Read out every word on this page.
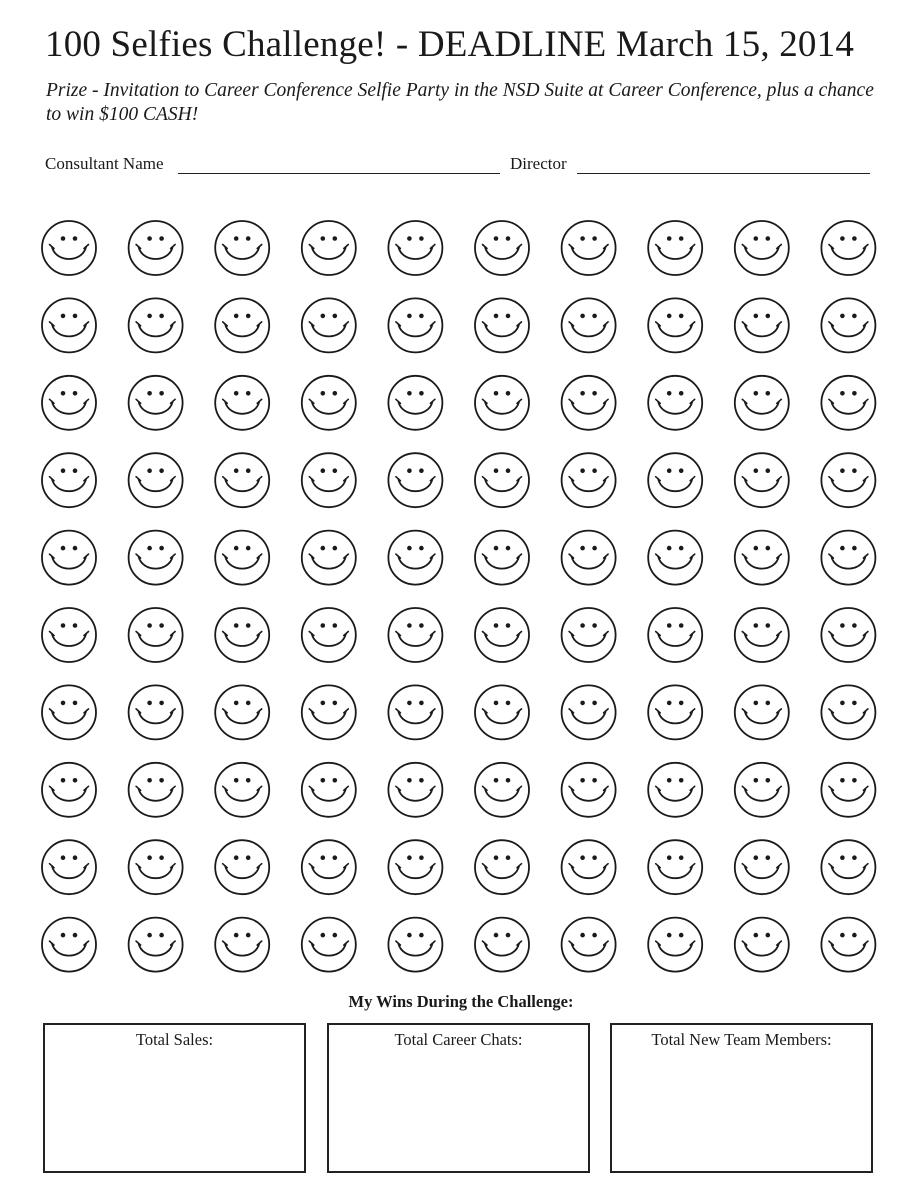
100 Selfies Challenge! - DEADLINE March 15, 2014
Prize - Invitation to Career Conference Selfie Party in the NSD Suite at Career Conference, plus a chance to win $100 CASH!
Consultant Name	Director
My Wins During the Challenge:
Total Sales:	Total Career Chats:	Total New Team Members:
